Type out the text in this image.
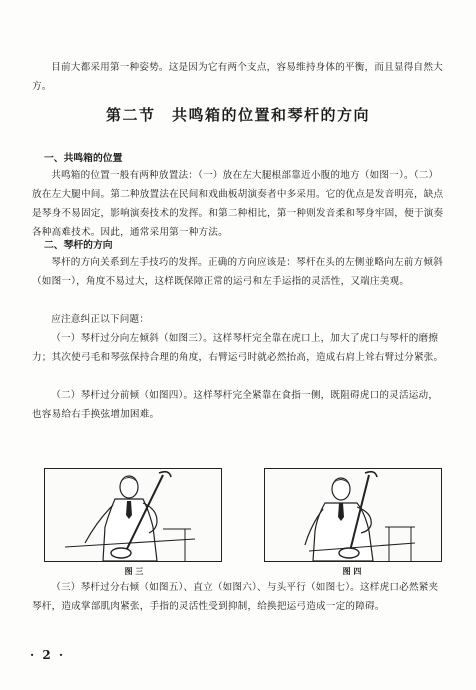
目前大都采用第一种姿势。这是因为它有两个支点，容易维持身体的平衡，而且显得自然大方。

第二节　共鸣箱的位置和琴杆的方向
一、共鸣箱的位置

共鸣箱的位置一般有两种放置法：（一）放在左大腿根部靠近小腹的地方（如图一）。（二）放在左大腿中间。第二种放置法在民间和戏曲板胡演奏者中多采用。它的优点是发音明亮，缺点是琴身不易固定，影响演奏技术的发挥。和第二种相比，第一种则发音柔和琴身牢固，便于演奏各种高难技术。因此，通常采用第一种方法。

二、琴杆的方向

琴杆的方向关系到左手技巧的发挥。正确的方向应该是：琴杆在头的左侧並略向左前方倾斜（如图一），角度不易过大，这样既保障正常的运弓和左手运指的灵活性，又端庄美观。

应注意纠正以下问题：

（一）琴杆过分向左倾斜（如图三）。这样琴杆完全靠在虎口上，加大了虎口与琴杆的磨擦力；其次使弓毛和琴弦保持合理的角度，右臂运弓时就必然抬高，造成右肩上耸右臂过分紧张。

（二）琴杆过分前倾（如图四）。这样琴杆完全紧靠在食指一侧，既阻碍虎口的灵活运动，也容易给右手换弦增加困难。

图 三	图 四

（三）琴杆过分右倾（如图五）、直立（如图六）、与头平行（如图七）。这样虎口必然紧夹琴杆，造成掌部肌肉紧张，手指的灵活性受到抑制，给换把运弓造成一定的障碍。

· 2 ·
